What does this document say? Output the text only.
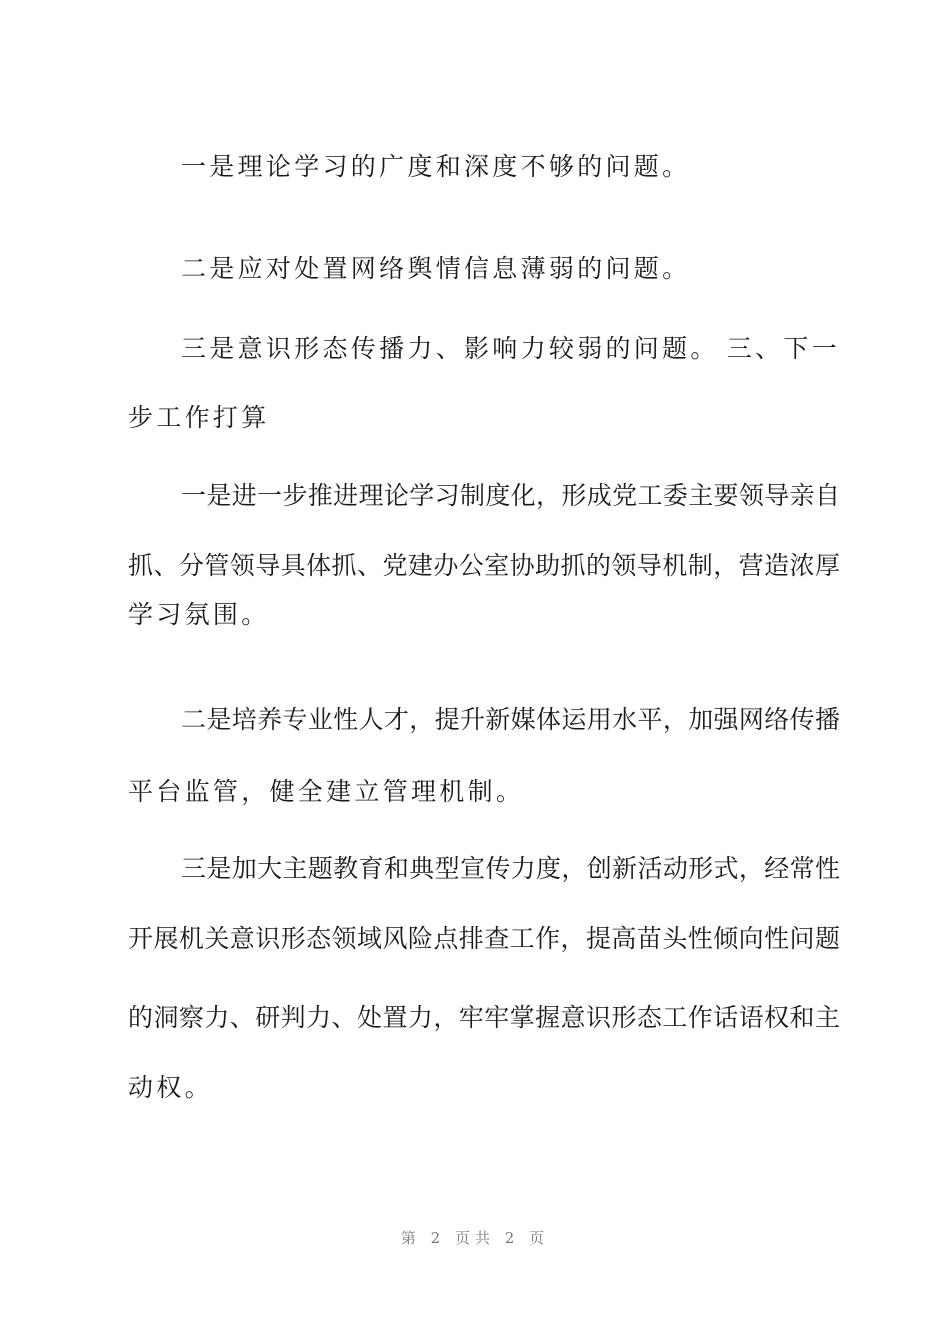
一是理论学习的广度和深度不够的问题。
二是应对处置网络舆情信息薄弱的问题。
三是意识形态传播力、影响力较弱的问题。 三、下一
步工作打算
一是进一步推进理论学习制度化，形成党工委主要领导亲自
抓、分管领导具体抓、党建办公室协助抓的领导机制，营造浓厚
学习氛围。
二是培养专业性人才，提升新媒体运用水平，加强网络传播
平台监管，健全建立管理机制。
三是加大主题教育和典型宣传力度，创新活动形式，经常性
开展机关意识形态领域风险点排查工作，提高苗头性倾向性问题
的洞察力、研判力、处置力，牢牢掌握意识形态工作话语权和主
动权。
第 2 页共 2 页
